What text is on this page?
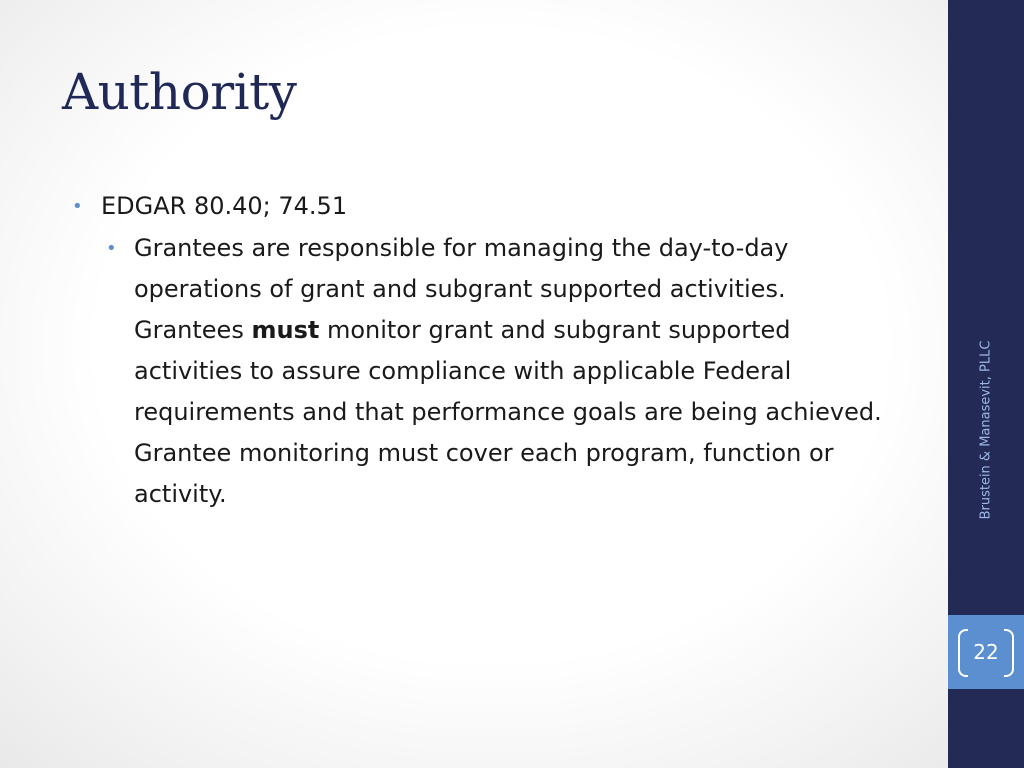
Authority
• EDGAR 80.40; 74.51
• Grantees are responsible for managing the day-to-day operations of grant and subgrant supported activities. Grantees must monitor grant and subgrant supported activities to assure compliance with applicable Federal requirements and that performance goals are being achieved. Grantee monitoring must cover each program, function or activity.	Brustein & Manasevit, PLLC
22
